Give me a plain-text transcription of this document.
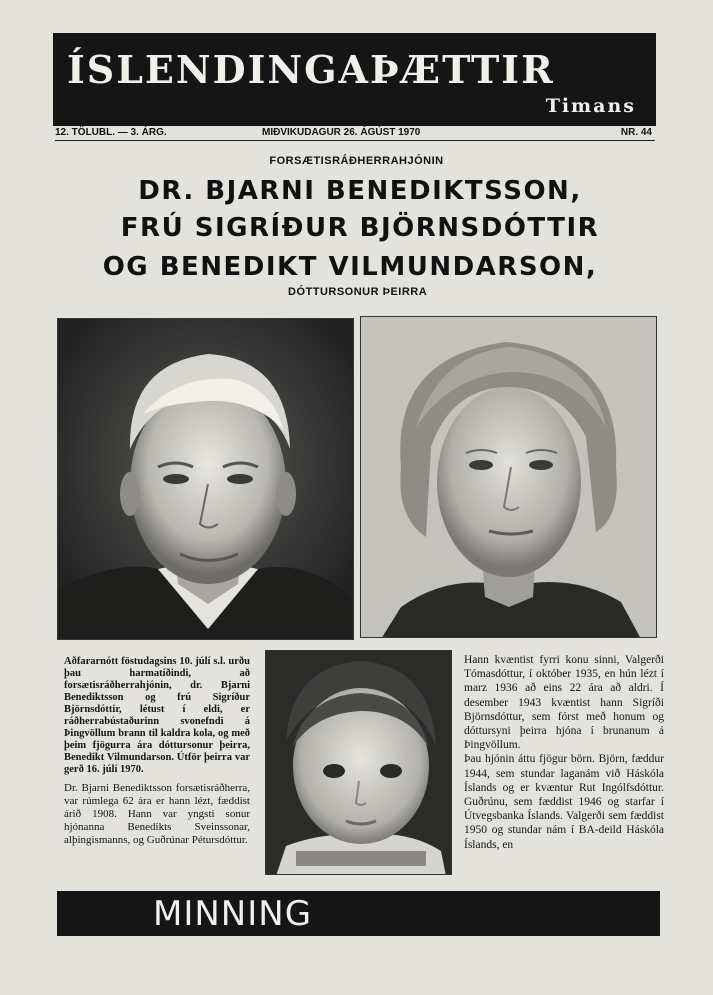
ÍSLENDINGAÞÆTTIR
Timans
12. TÖLUBL. — 3. ÁRG.	MIÐVIKUDAGUR 26. ÁGÚST 1970	NR. 44
FORSÆTISRÁÐHERRAHJÓNIN
DR. BJARNI BENEDIKTSSON,
FRÚ SIGRÍÐUR BJÖRNSDÓTTIR
OG BENEDIKT VILMUNDARSON,
DÓTTURSONUR ÞEIRRA

Aðfararnótt föstudagsins 10. júlí s.l. urðu þau harmatíðindi, að forsætisráðherrahjónin, dr. Bjarni Benediktsson og frú Sigríður Björnsdóttir, létust í eldi, er ráðherrabústaðurinn svonefndi á Þingvöllum brann til kaldra kola, og með þeim fjögurra ára dóttursonur þeirra, Benedikt Vilmundarson. Útför þeirra var gerð 16. júlí 1970.

Dr. Bjarni Benediktsson forsætisráðherra, var rúmlega 62 ára er hann lézt, fæddist árið 1908. Hann var yngsti sonur hjónanna Benedikts Sveinssonar, alþingismanns, og Guðrúnar Pétursdóttur.

Hann kvæntist fyrri konu sinni, Valgerði Tómasdóttur, í október 1935, en hún lézt í marz 1936 að eins 22 ára að aldri. Í desember 1943 kvæntist hann Sigríði Björnsdóttur, sem fórst með honum og dóttursyni þeirra hjóna í brunanum á Þingvöllum.

Þau hjónin áttu fjögur börn. Björn, fæddur 1944, sem stundar laganám við Háskóla Íslands og er kvæntur Rut Ingólfsdóttur. Guðrúnu, sem fæddist 1946 og starfar í Útvegsbanka Íslands. Valgerði sem fæddist 1950 og stundar nám í BA-deild Háskóla Íslands, en

MINNING
